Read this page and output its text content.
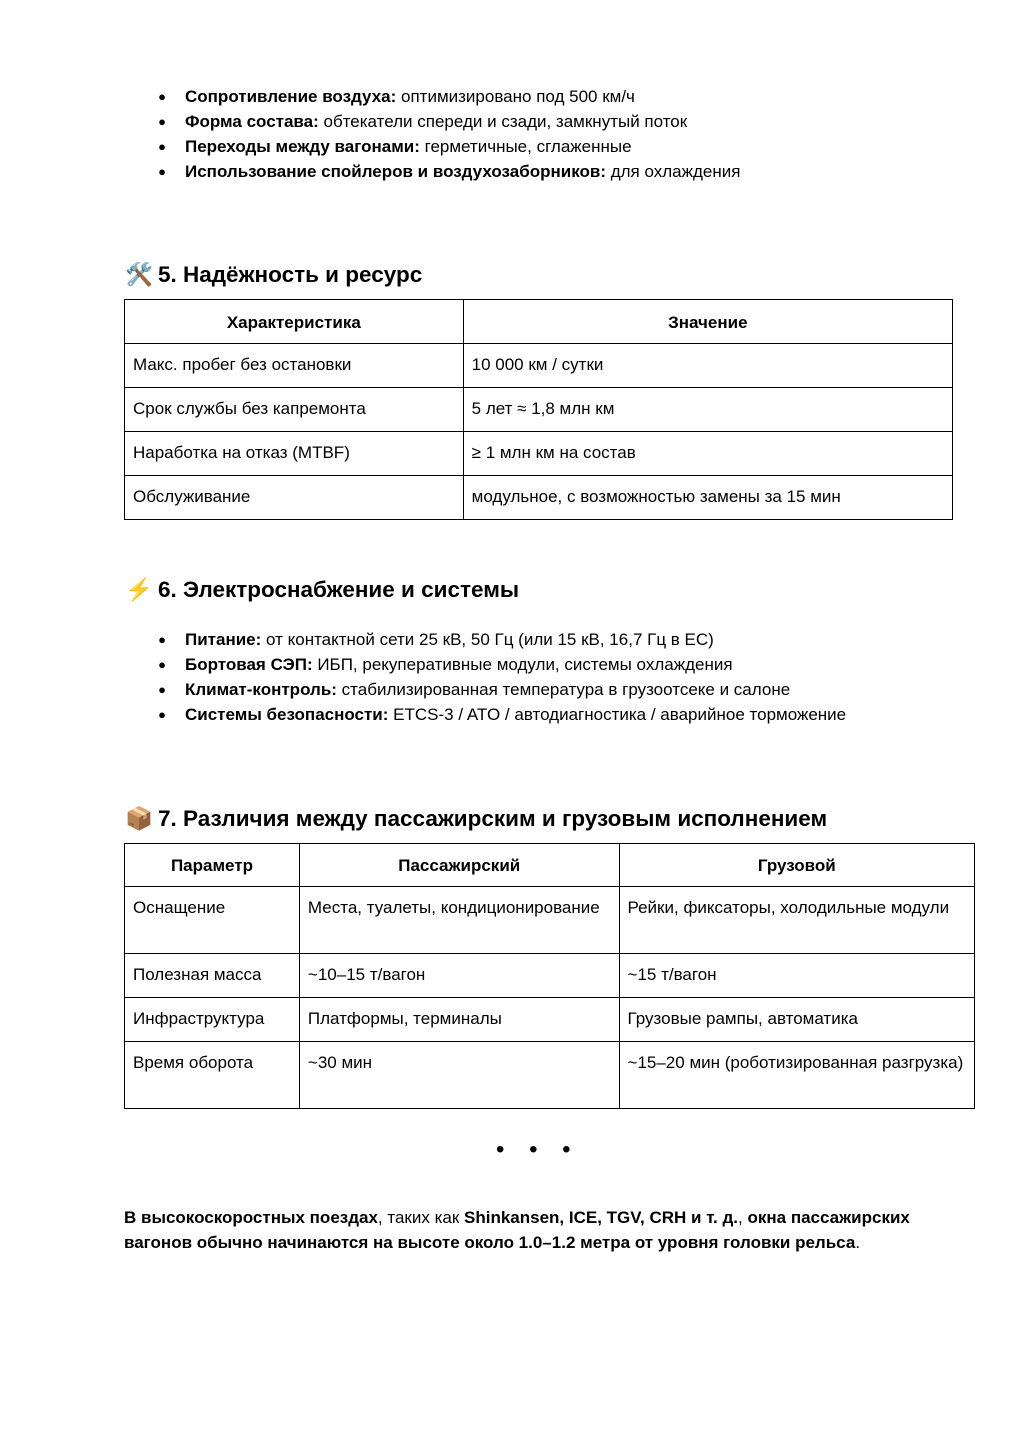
● Сопротивление воздуха: оптимизировано под 500 км/ч
● Форма состава: обтекатели спереди и сзади, замкнутый поток
● Переходы между вагонами: герметичные, сглаженные
● Использование спойлеров и воздухозаборников: для охлаждения
🛠️ 5. Надёжность и ресурс
Характеристика	Значение
Макс. пробег без остановки	10 000 км / сутки
Срок службы без капремонта	5 лет ≈ 1,8 млн км
Наработка на отказ (MTBF)	≥ 1 млн км на состав
Обслуживание	модульное, с возможностью замены за 15 мин
⚡ 6. Электроснабжение и системы
● Питание: от контактной сети 25 кВ, 50 Гц (или 15 кВ, 16,7 Гц в ЕС)
● Бортовая СЭП: ИБП, рекуперативные модули, системы охлаждения
● Климат-контроль: стабилизированная температура в грузоотсеке и салоне
● Системы безопасности: ETCS-3 / ATO / автодиагностика / аварийное торможение
📦 7. Различия между пассажирским и грузовым исполнением
Параметр	Пассажирский	Грузовой
Оснащение	Места, туалеты, кондиционирование	Рейки, фиксаторы, холодильные модули
Полезная масса	~10–15 т/вагон	~15 т/вагон
Инфраструктура	Платформы, терминалы	Грузовые рампы, автоматика
Время оборота	~30 мин	~15–20 мин (роботизированная разгрузка)
• • •

В высокоскоростных поездах, таких как Shinkansen, ICE, TGV, CRH и т. д., окна пассажирских вагонов обычно начинаются на высоте около 1.0–1.2 метра от уровня головки рельса.
